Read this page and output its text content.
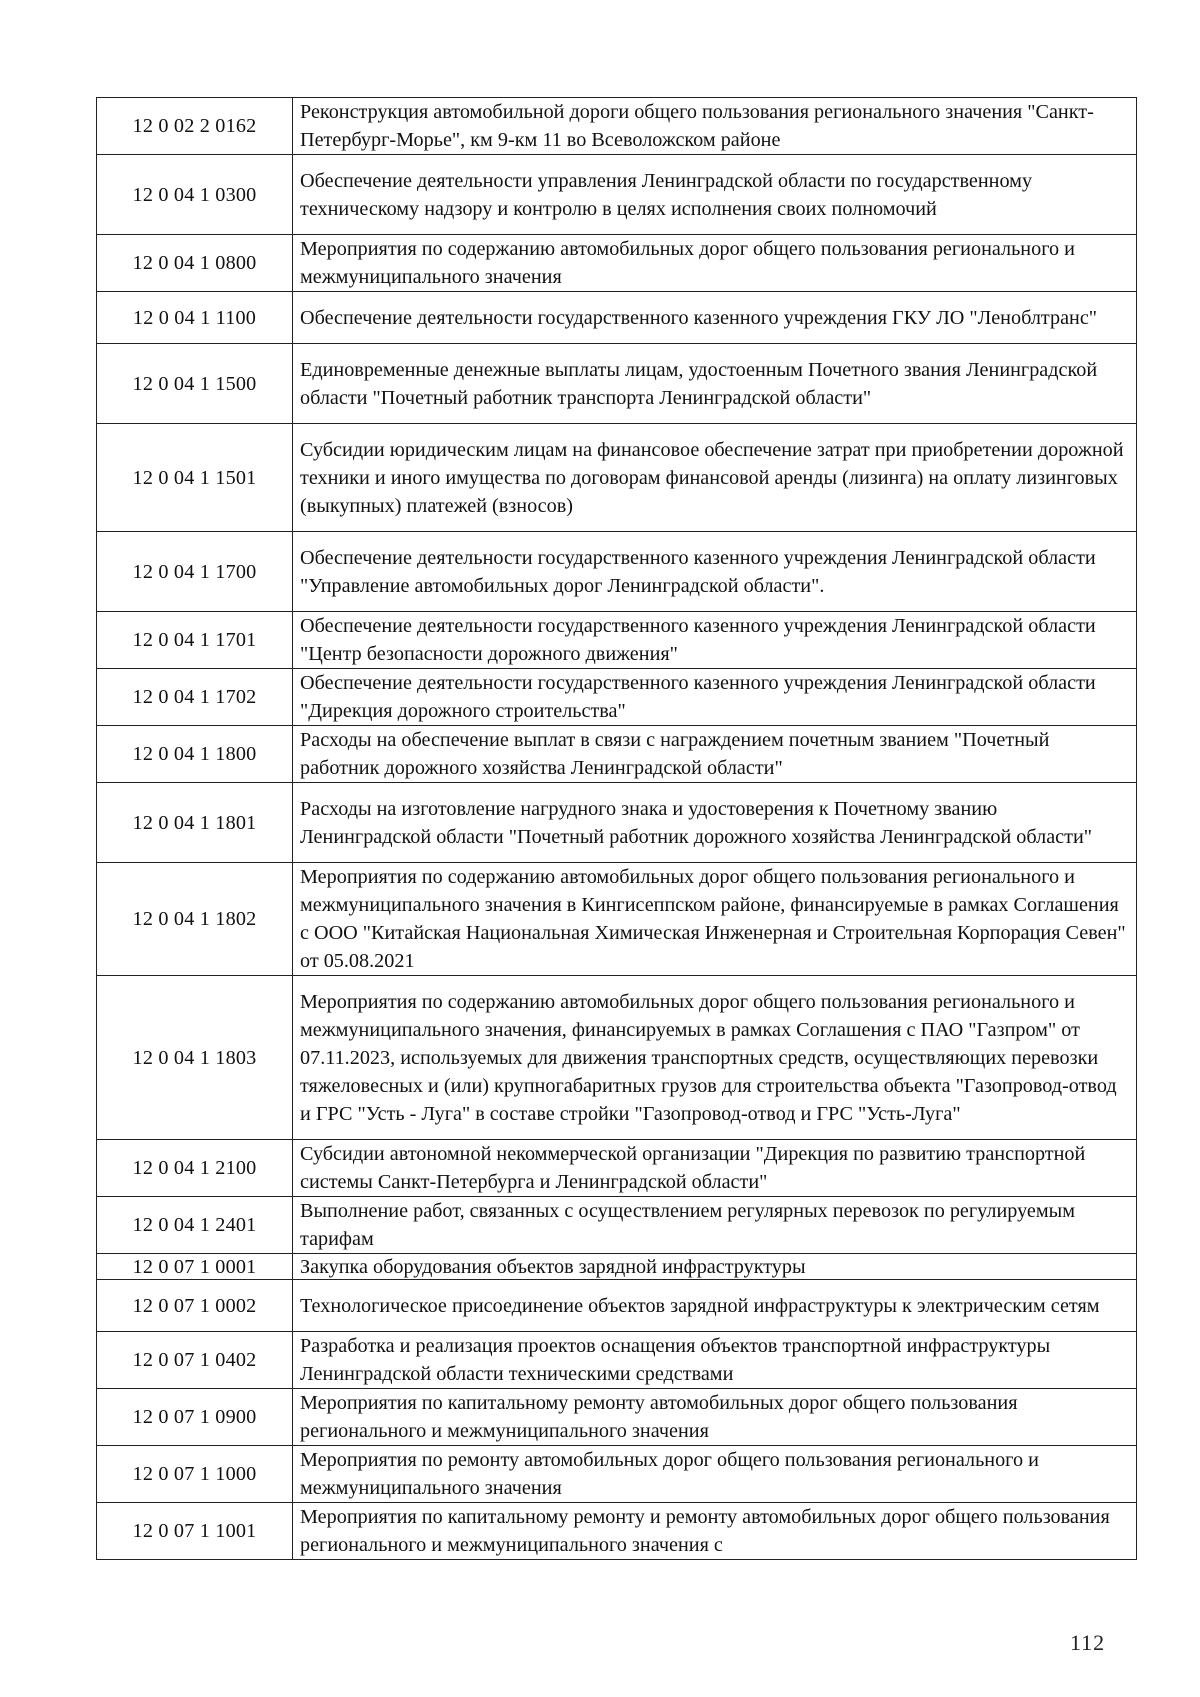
12 0 02 2 0162	Реконструкция автомобильной дороги общего пользования регионального значения "Санкт-Петербург-Морье", км 9-км 11 во Всеволожском районе
12 0 04 1 0300	Обеспечение деятельности управления Ленинградской области по государственному техническому надзору и контролю в целях исполнения своих полномочий
12 0 04 1 0800	Мероприятия по содержанию автомобильных дорог общего пользования регионального и межмуниципального значения
12 0 04 1 1100	Обеспечение деятельности государственного казенного учреждения ГКУ ЛО "Леноблтранс"
12 0 04 1 1500	Единовременные денежные выплаты лицам, удостоенным Почетного звания Ленинградской области "Почетный работник транспорта Ленинградской области"
12 0 04 1 1501	Субсидии юридическим лицам на финансовое обеспечение затрат при приобретении дорожной техники и иного имущества по договорам финансовой аренды (лизинга) на оплату лизинговых (выкупных) платежей (взносов)
12 0 04 1 1700	Обеспечение деятельности государственного казенного учреждения Ленинградской области "Управление автомобильных дорог Ленинградской области".
12 0 04 1 1701	Обеспечение деятельности государственного казенного учреждения Ленинградской области "Центр безопасности дорожного движения"
12 0 04 1 1702	Обеспечение деятельности государственного казенного учреждения Ленинградской области "Дирекция дорожного строительства"
12 0 04 1 1800	Расходы на обеспечение выплат в связи с награждением почетным званием "Почетный работник дорожного хозяйства Ленинградской области"
12 0 04 1 1801	Расходы на изготовление нагрудного знака и удостоверения к Почетному званию Ленинградской области "Почетный работник дорожного хозяйства Ленинградской области"
12 0 04 1 1802	Мероприятия по содержанию автомобильных дорог общего пользования регионального и межмуниципального значения в Кингисеппском районе, финансируемые в рамках Соглашения с ООО "Китайская Национальная Химическая Инженерная и Строительная Корпорация Севен" от 05.08.2021
12 0 04 1 1803	Мероприятия по содержанию автомобильных дорог общего пользования регионального и межмуниципального значения, финансируемых в рамках Соглашения с ПАО "Газпром" от 07.11.2023, используемых для движения транспортных средств, осуществляющих перевозки тяжеловесных и (или) крупногабаритных грузов для строительства объекта "Газопровод-отвод и ГРС "Усть - Луга" в составе стройки "Газопровод-отвод и ГРС "Усть-Луга"
12 0 04 1 2100	Субсидии автономной некоммерческой организации "Дирекция по развитию транспортной системы Санкт-Петербурга и Ленинградской области"
12 0 04 1 2401	Выполнение работ, связанных с осуществлением регулярных перевозок по регулируемым тарифам
12 0 07 1 0001	Закупка оборудования объектов зарядной инфраструктуры
12 0 07 1 0002	Технологическое присоединение объектов зарядной инфраструктуры к электрическим сетям
12 0 07 1 0402	Разработка и реализация проектов оснащения объектов транспортной инфраструктуры Ленинградской области техническими средствами
12 0 07 1 0900	Мероприятия по капитальному ремонту автомобильных дорог общего пользования регионального и межмуниципального значения
12 0 07 1 1000	Мероприятия по ремонту автомобильных дорог общего пользования регионального и межмуниципального значения
12 0 07 1 1001	Мероприятия по капитальному ремонту и ремонту автомобильных дорог общего пользования регионального и межмуниципального значения с
112
